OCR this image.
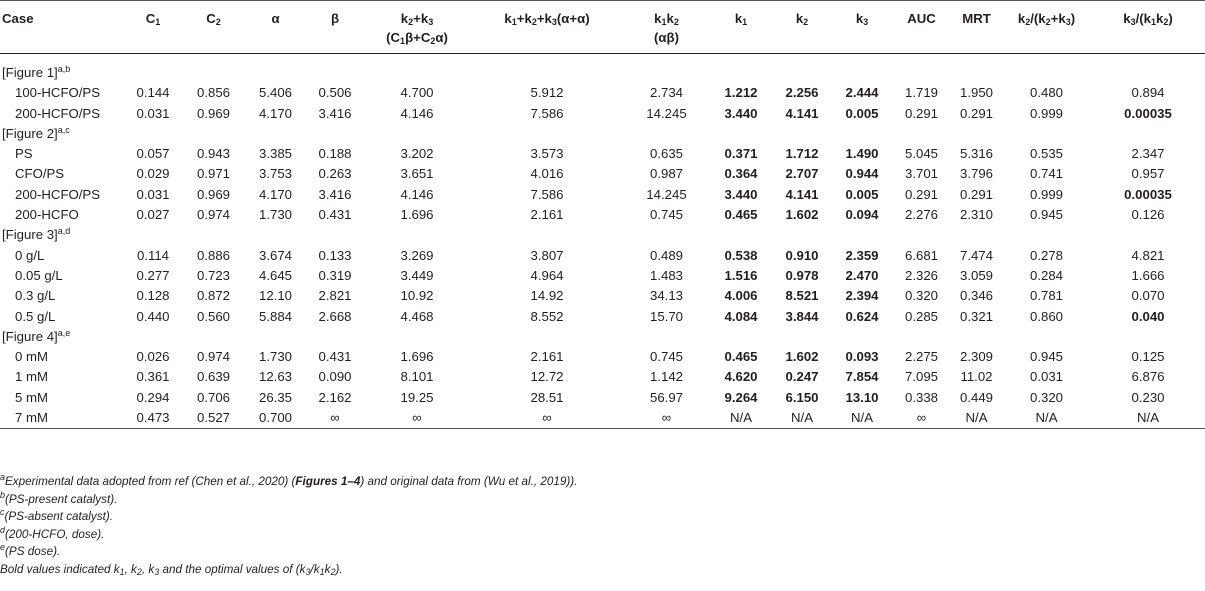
Case	$C_1$	$C_2$	α	β	$k_2+k_3$	$k_1+k_2+k_3(\alpha+\alpha)$	$k_1k_2$	$k_1$	$k_2$	$k_3$	AUC	MRT	$k_2/(k_2+k_3)$	$k_3/(k_1k_2)$
					$(C_1\beta+C_2\alpha)$		(αβ)							
[Figure 1]$^{a,b}$
100-HCFO/PS	0.144	0.856	5.406	0.506	4.700	5.912	2.734	1.212	2.256	2.444	1.719	1.950	0.480	0.894
200-HCFO/PS	0.031	0.969	4.170	3.416	4.146	7.586	14.245	3.440	4.141	0.005	0.291	0.291	0.999	0.00035
[Figure 2]$^{a,c}$
PS	0.057	0.943	3.385	0.188	3.202	3.573	0.635	0.371	1.712	1.490	5.045	5.316	0.535	2.347
CFO/PS	0.029	0.971	3.753	0.263	3.651	4.016	0.987	0.364	2.707	0.944	3.701	3.796	0.741	0.957
200-HCFO/PS	0.031	0.969	4.170	3.416	4.146	7.586	14.245	3.440	4.141	0.005	0.291	0.291	0.999	0.00035
200-HCFO	0.027	0.974	1.730	0.431	1.696	2.161	0.745	0.465	1.602	0.094	2.276	2.310	0.945	0.126
[Figure 3]$^{a,d}$
0 g/L	0.114	0.886	3.674	0.133	3.269	3.807	0.489	0.538	0.910	2.359	6.681	7.474	0.278	4.821
0.05 g/L	0.277	0.723	4.645	0.319	3.449	4.964	1.483	1.516	0.978	2.470	2.326	3.059	0.284	1.666
0.3 g/L	0.128	0.872	12.10	2.821	10.92	14.92	34.13	4.006	8.521	2.394	0.320	0.346	0.781	0.070
0.5 g/L	0.440	0.560	5.884	2.668	4.468	8.552	15.70	4.084	3.844	0.624	0.285	0.321	0.860	0.040
[Figure 4]$^{a,e}$
0 mM	0.026	0.974	1.730	0.431	1.696	2.161	0.745	0.465	1.602	0.093	2.275	2.309	0.945	0.125
1 mM	0.361	0.639	12.63	0.090	8.101	12.72	1.142	4.620	0.247	7.854	7.095	11.02	0.031	6.876
5 mM	0.294	0.706	26.35	2.162	19.25	28.51	56.97	9.264	6.150	13.10	0.338	0.449	0.320	0.230
7 mM	0.473	0.527	0.700	∞	∞	∞	∞	N/A	N/A	N/A	∞	N/A	N/A	N/A
$^a$Experimental data adopted from ref (Chen et al., 2020) (Figures 1–4) and original data from (Wu et al., 2019)).
$^b$(PS-present catalyst).
$^c$(PS-absent catalyst).
$^d$(200-HCFO, dose).
$^e$(PS dose).
Bold values indicated $k_1$, $k_2$, $k_3$ and the optimal values of $(k_3/k_1k_2)$.
